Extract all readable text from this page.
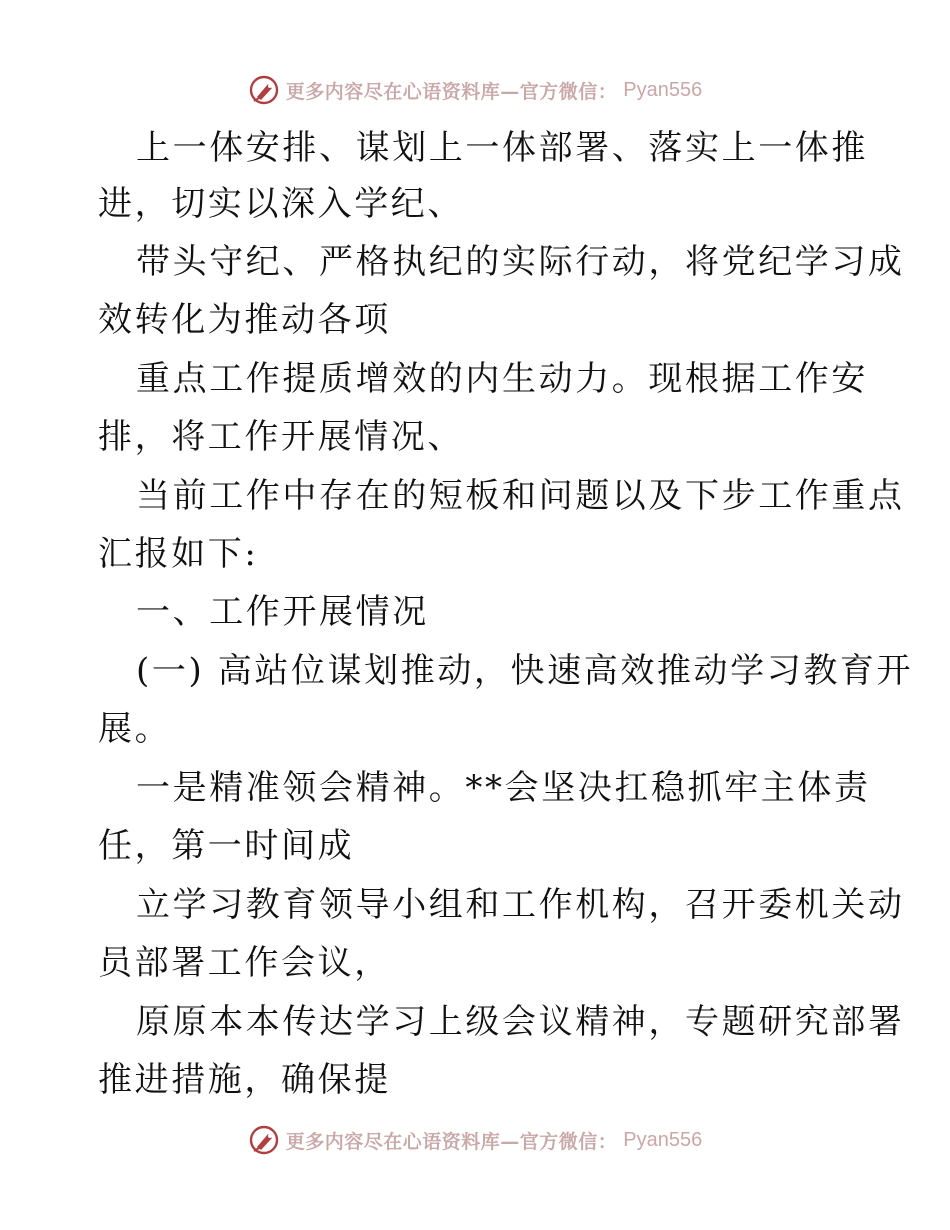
更多内容尽在心语资料库—官方微信： Pyan556
上一体安排、谋划上一体部署、落实上一体推
进，切实以深入学纪、
带头守纪、严格执纪的实际行动，将党纪学习成
效转化为推动各项
重点工作提质增效的内生动力。现根据工作安
排，将工作开展情况、
当前工作中存在的短板和问题以及下步工作重点
汇报如下:
一、工作开展情况
(一) 高站位谋划推动，快速高效推动学习教育开
展。
一是精准领会精神。**会坚决扛稳抓牢主体责
任，第一时间成
立学习教育领导小组和工作机构，召开委机关动
员部署工作会议，
原原本本传达学习上级会议精神，专题研究部署
推进措施，确保提
更多内容尽在心语资料库—官方微信： Pyan556
